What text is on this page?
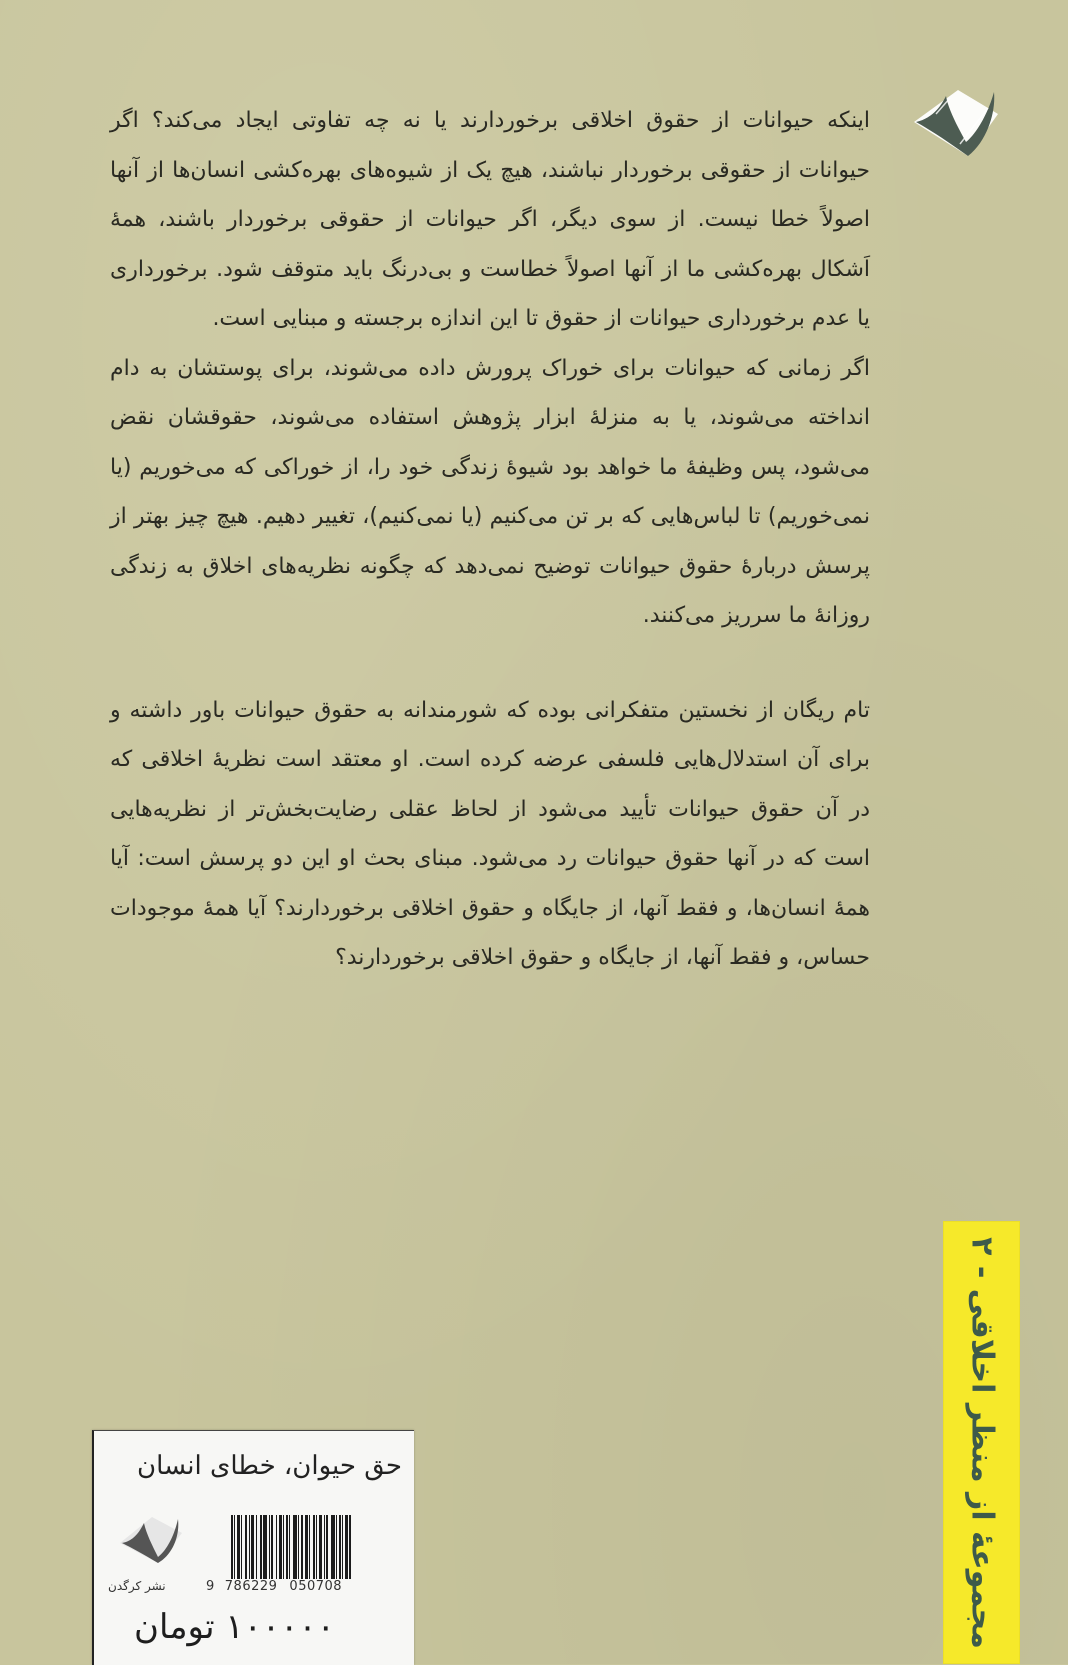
اینکه حیوانات از حقوق اخلاقی برخوردارند یا نه چه تفاوتی ایجاد می‌کند؟ اگر حیوانات از حقوقی برخوردار نباشند، هیچ یک از شیوه‌های بهره‌کشی انسان‌ها از آنها اصولاً خطا نیست. از سوی دیگر، اگر حیوانات از حقوقی برخوردار باشند، همهٔ اَشکال بهره‌کشی ما از آنها اصولاً خطاست و بی‌درنگ باید متوقف شود. برخورداری یا عدم برخورداری حیوانات از حقوق تا این اندازه برجسته و مبنایی است.

اگر زمانی که حیوانات برای خوراک پرورش داده می‌شوند، برای پوستشان به دام انداخته می‌شوند، یا به منزلهٔ ابزار پژوهش استفاده می‌شوند، حقوقشان نقض می‌شود، پس وظیفهٔ ما خواهد بود شیوهٔ زندگی خود را، از خوراکی که می‌خوریم (یا نمی‌خوریم) تا لباس‌هایی که بر تن می‌کنیم (یا نمی‌کنیم)، تغییر دهیم. هیچ چیز بهتر از پرسش دربارهٔ حقوق حیوانات توضیح نمی‌دهد که چگونه نظریه‌های اخلاق به زندگی روزانهٔ ما سرریز می‌کنند.

تام ریگان از نخستین متفکرانی بوده که شورمندانه به حقوق حیوانات باور داشته و برای آن استدلال‌هایی فلسفی عرضه کرده است. او معتقد است نظریهٔ اخلاقی که در آن حقوق حیوانات تأیید می‌شود از لحاظ عقلی رضایت‌بخش‌تر از نظریه‌هایی است که در آنها حقوق حیوانات رد می‌شود. مبنای بحث او این دو پرسش است: آیا همهٔ انسان‌ها، و فقط آنها، از جایگاه و حقوق اخلاقی برخوردارند؟ آیا همهٔ موجودات حساس، و فقط آنها، از جایگاه و حقوق اخلاقی برخوردارند؟

مجموعهٔ از منظر اخلاقی - ۲
حق حیوان، خطای انسان
9 786229 050708
نشر کرگدن
۱۰۰۰۰۰ تومان
